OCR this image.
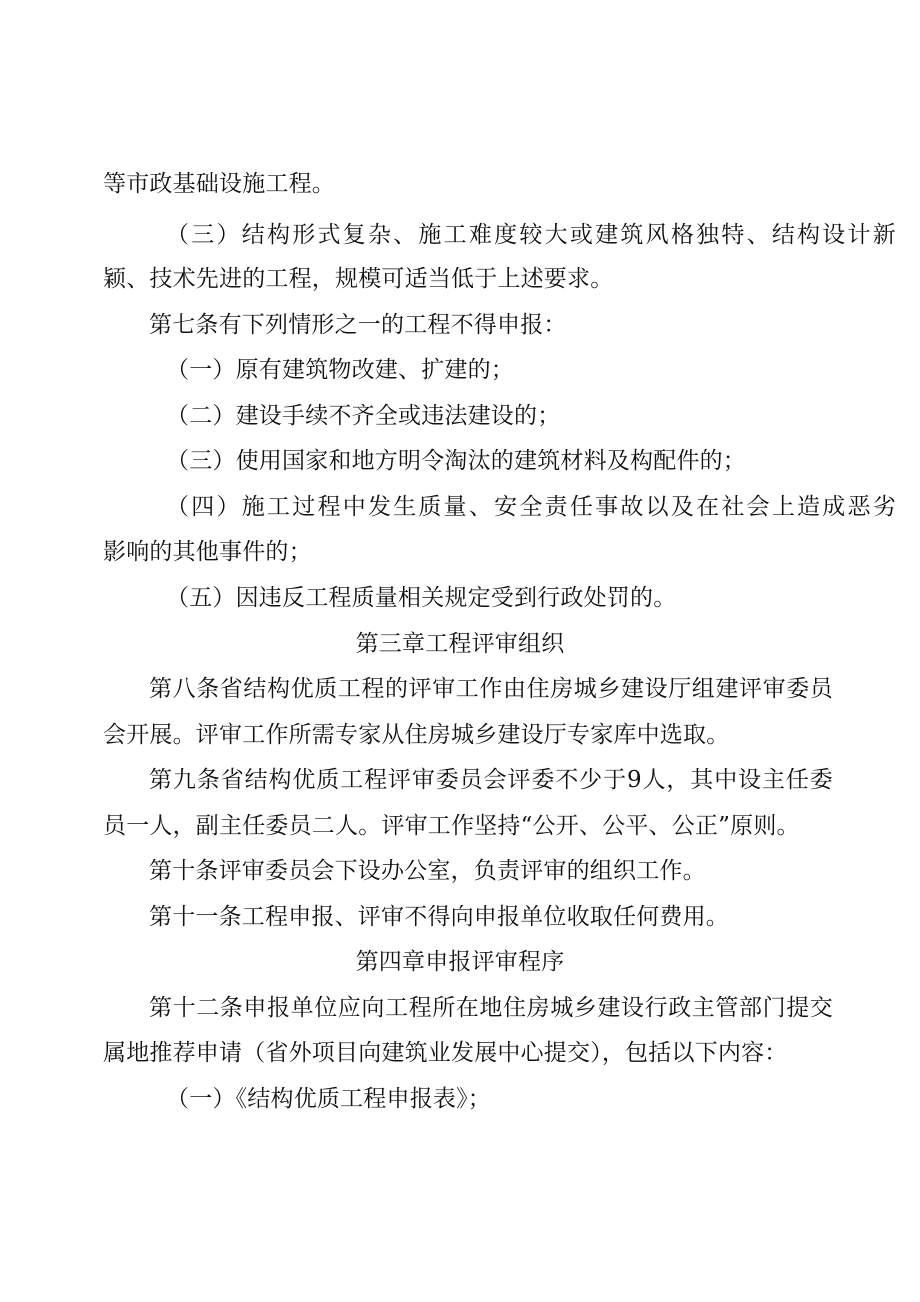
等市政基础设施工程。
（三）结构形式复杂、施工难度较大或建筑风格独特、结构设计新
颖、技术先进的工程，规模可适当低于上述要求。
第七条有下列情形之一的工程不得申报：
（一）原有建筑物改建、扩建的；
（二）建设手续不齐全或违法建设的；
（三）使用国家和地方明令淘汰的建筑材料及构配件的；
（四）施工过程中发生质量、安全责任事故以及在社会上造成恶劣
影响的其他事件的；
（五）因违反工程质量相关规定受到行政处罚的。
第三章工程评审组织
第八条省结构优质工程的评审工作由住房城乡建设厅组建评审委员
会开展。评审工作所需专家从住房城乡建设厅专家库中选取。
第九条省结构优质工程评审委员会评委不少于9人，其中设主任委
员一人，副主任委员二人。评审工作坚持“公开、公平、公正”原则。
第十条评审委员会下设办公室，负责评审的组织工作。
第十一条工程申报、评审不得向申报单位收取任何费用。
第四章申报评审程序
第十二条申报单位应向工程所在地住房城乡建设行政主管部门提交
属地推荐申请（省外项目向建筑业发展中心提交），包括以下内容：
（一）《结构优质工程申报表》；
